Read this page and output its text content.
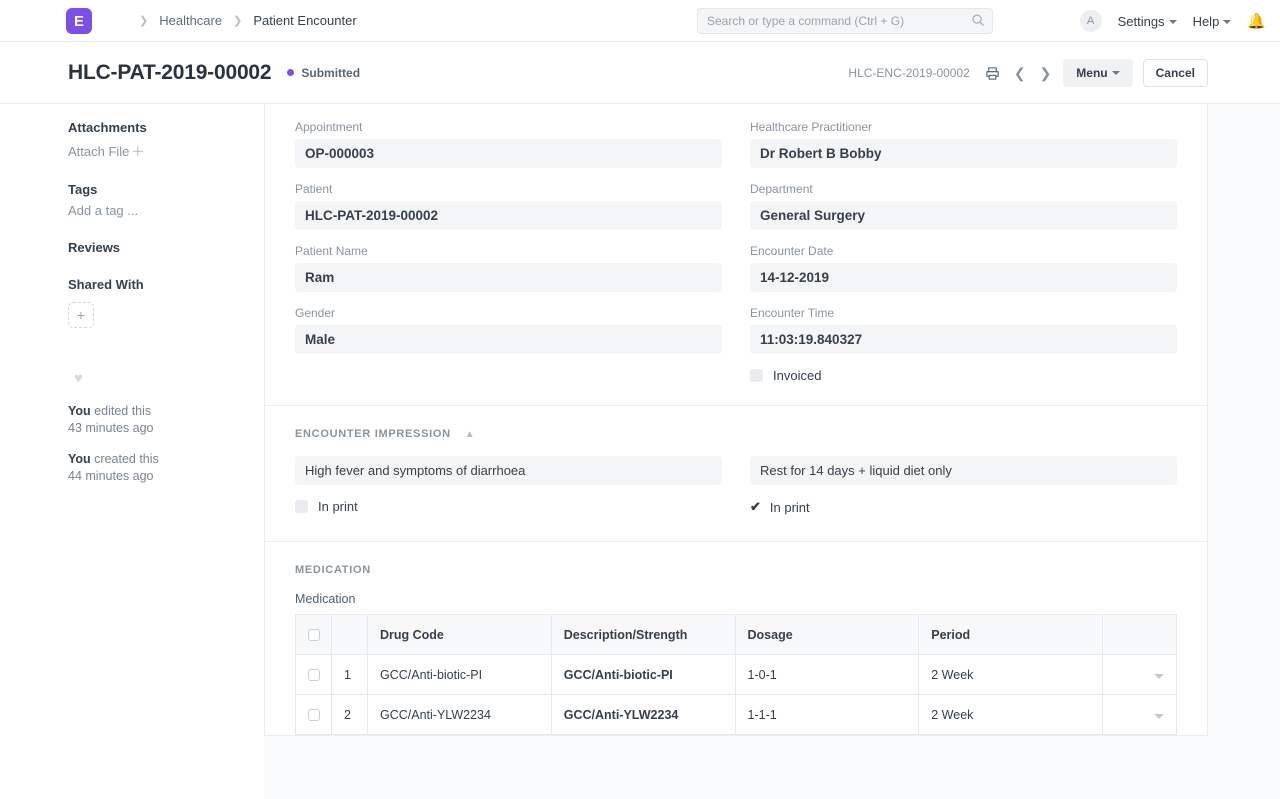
E	❯ Healthcare ❯ Patient Encounter
Search or type a command (Ctrl + G)	A	Settings	Help	🔔
HLC-PAT-2019-00002	Submitted	HLC-ENC-2019-00002	❮ ❯ Menu	Cancel
Attachments
Attach File ＋
Tags
Add a tag ...
Reviews
Shared With
+
♥
You edited this
43 minutes ago
You created this
44 minutes ago
Appointment
OP-000003
Patient
HLC-PAT-2019-00002
Patient Name
Ram
Gender
Male
Healthcare Practitioner
Dr Robert B Bobby
Department
General Surgery
Encounter Date
14-12-2019
Encounter Time
11:03:19.840327
Invoiced
ENCOUNTER IMPRESSION ▲
High fever and symptoms of diarrhoea
In print
Rest for 14 days + liquid diet only
✔ In print
MEDICATION
Medication
		Drug Code	Description/Strength	Dosage	Period	
	1	GCC/Anti-biotic-PI	GCC/Anti-biotic-PI	1-0-1	2 Week	
	2	GCC/Anti-YLW2234	GCC/Anti-YLW2234	1-1-1	2 Week	
